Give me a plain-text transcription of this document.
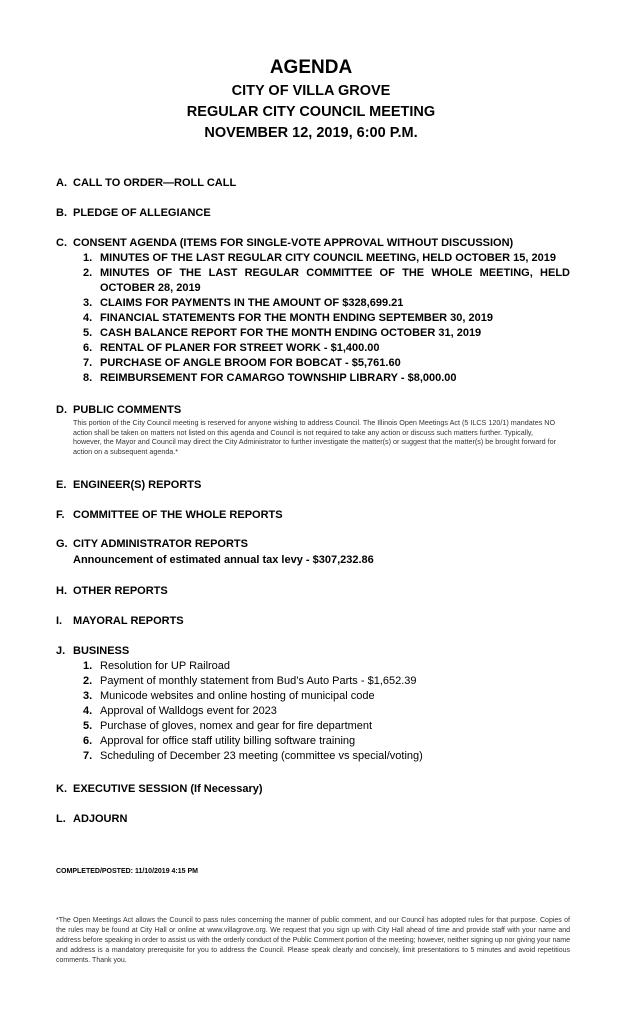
AGENDA
CITY OF VILLA GROVE
REGULAR CITY COUNCIL MEETING
NOVEMBER 12, 2019, 6:00 P.M.
A. CALL TO ORDER—ROLL CALL
B. PLEDGE OF ALLEGIANCE
C. CONSENT AGENDA (ITEMS FOR SINGLE-VOTE APPROVAL WITHOUT DISCUSSION)
1. MINUTES OF THE LAST REGULAR CITY COUNCIL MEETING, HELD OCTOBER 15, 2019
2. MINUTES OF THE LAST REGULAR COMMITTEE OF THE WHOLE MEETING, HELD
OCTOBER 28, 2019
3. CLAIMS FOR PAYMENTS IN THE AMOUNT OF $328,699.21
4. FINANCIAL STATEMENTS FOR THE MONTH ENDING SEPTEMBER 30, 2019
5. CASH BALANCE REPORT FOR THE MONTH ENDING OCTOBER 31, 2019
6. RENTAL OF PLANER FOR STREET WORK - $1,400.00
7. PURCHASE OF ANGLE BROOM FOR BOBCAT - $5,761.60
8. REIMBURSEMENT FOR CAMARGO TOWNSHIP LIBRARY - $8,000.00
D. PUBLIC COMMENTS
This portion of the City Council meeting is reserved for anyone wishing to address Council. The Illinois Open Meetings Act (5 ILCS 120/1) mandates NO action shall be taken on matters not listed on this agenda and Council is not required to take any action or discuss such matters further. Typically, however, the Mayor and Council may direct the City Administrator to further investigate the matter(s) or suggest that the matter(s) be brought forward for action on a subsequent agenda.*
E. ENGINEER(S) REPORTS
F. COMMITTEE OF THE WHOLE REPORTS
G. CITY ADMINISTRATOR REPORTS
Announcement of estimated annual tax levy - $307,232.86
H. OTHER REPORTS
I. MAYORAL REPORTS
J. BUSINESS
1. Resolution for UP Railroad
2. Payment of monthly statement from Bud’s Auto Parts - $1,652.39
3. Municode websites and online hosting of municipal code
4. Approval of Walldogs event for 2023
5. Purchase of gloves, nomex and gear for fire department
6. Approval for office staff utility billing software training
7. Scheduling of December 23 meeting (committee vs special/voting)
K. EXECUTIVE SESSION (If Necessary)
L. ADJOURN
COMPLETED/POSTED: 11/10/2019 4:15 PM
*The Open Meetings Act allows the Council to pass rules concerning the manner of public comment, and our Council has adopted rules for that purpose. Copies of the rules may be found at City Hall or online at www.villagrove.org. We request that you sign up with City Hall ahead of time and provide staff with your name and address before speaking in order to assist us with the orderly conduct of the Public Comment portion of the meeting; however, neither signing up nor giving your name and address is a mandatory prerequisite for you to address the Council. Please speak clearly and concisely, limit presentations to 5 minutes and avoid repetitious comments. Thank you.
